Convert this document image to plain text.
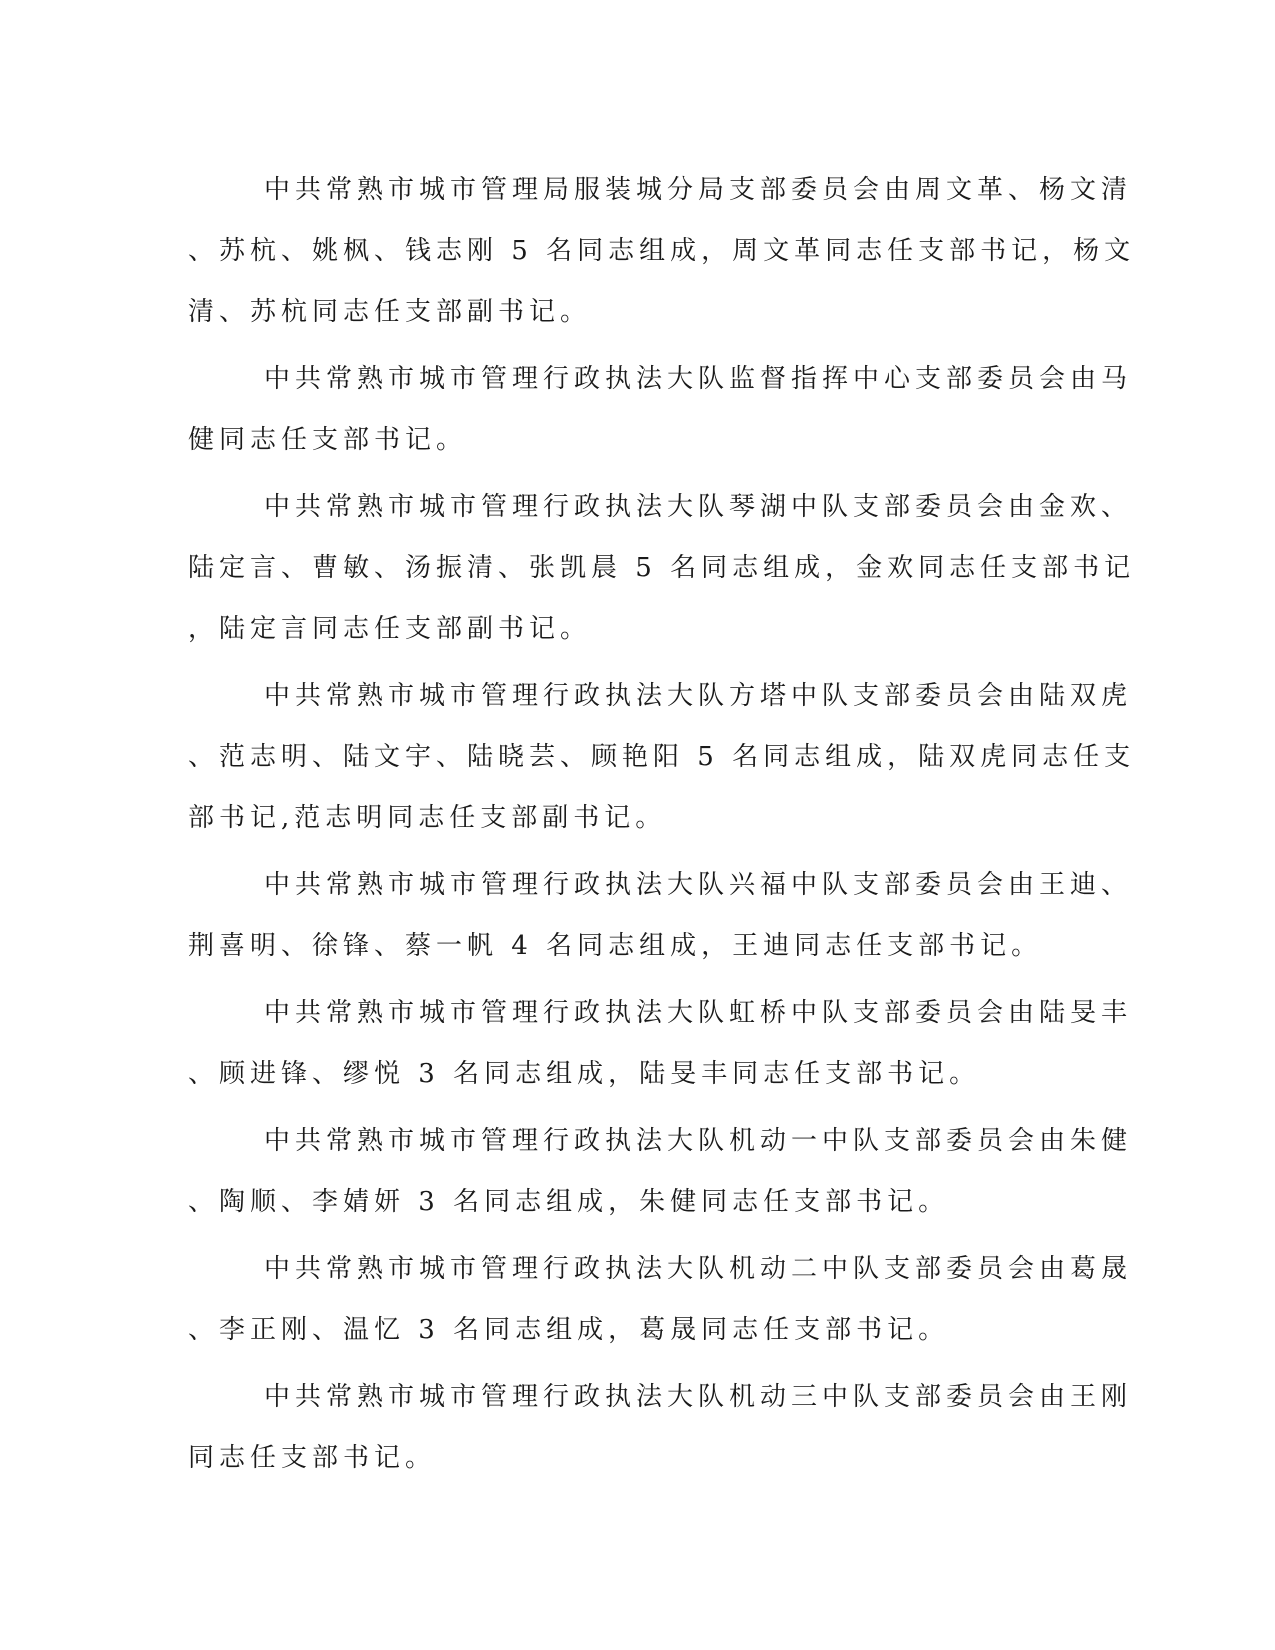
中共常熟市城市管理局服装城分局支部委员会由周文革、杨文清
、苏杭、姚枫、钱志刚 5 名同志组成，周文革同志任支部书记，杨文
清、苏杭同志任支部副书记。
中共常熟市城市管理行政执法大队监督指挥中心支部委员会由马
健同志任支部书记。
中共常熟市城市管理行政执法大队琴湖中队支部委员会由金欢、
陆定言、曹敏、汤振清、张凯晨 5 名同志组成，金欢同志任支部书记
，陆定言同志任支部副书记。
中共常熟市城市管理行政执法大队方塔中队支部委员会由陆双虎
、范志明、陆文宇、陆晓芸、顾艳阳 5 名同志组成，陆双虎同志任支
部书记,范志明同志任支部副书记。
中共常熟市城市管理行政执法大队兴福中队支部委员会由王迪、
荆喜明、徐锋、蔡一帆 4 名同志组成，王迪同志任支部书记。
中共常熟市城市管理行政执法大队虹桥中队支部委员会由陆旻丰
、顾进锋、缪悦 3 名同志组成，陆旻丰同志任支部书记。
中共常熟市城市管理行政执法大队机动一中队支部委员会由朱健
、陶顺、李婧妍 3 名同志组成，朱健同志任支部书记。
中共常熟市城市管理行政执法大队机动二中队支部委员会由葛晟
、李正刚、温忆 3 名同志组成，葛晟同志任支部书记。
中共常熟市城市管理行政执法大队机动三中队支部委员会由王刚
同志任支部书记。
